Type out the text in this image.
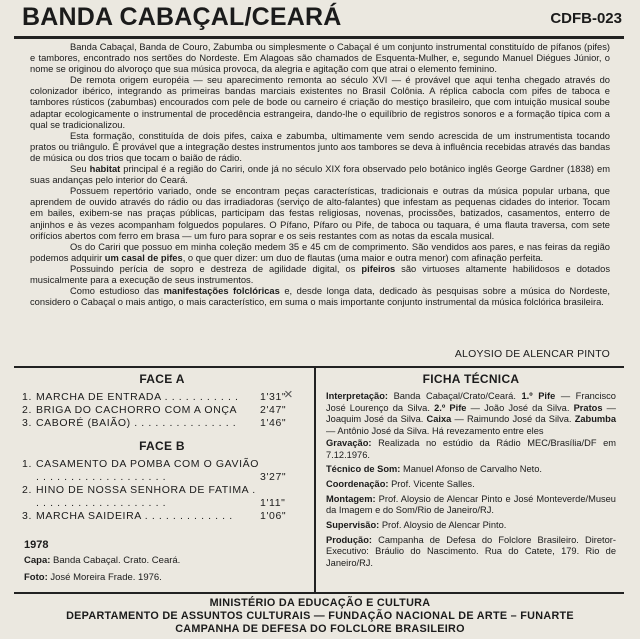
BANDA CABAÇAL/CEARÁ	CDFB-023

Banda Cabaçal, Banda de Couro, Zabumba ou simplesmente o Cabaçal é um conjunto instrumental constituído de pífanos (pifes) e tambores, encontrado nos sertões do Nordeste. Em Alagoas são chamados de Esquenta-Mulher, e, segundo Manuel Diégues Júnior, o nome se originou do alvoroço que sua música provoca, da alegria e agitação com que atrai o elemento feminino.

De remota origem européia — seu aparecimento remonta ao século XVI — é provável que aqui tenha chegado através do colonizador ibérico, integrando as primeiras bandas marciais existentes no Brasil Colônia. A réplica cabocla com pifes de taboca e tambores rústicos (zabumbas) encourados com pele de bode ou carneiro é criação do mestiço brasileiro, que com intuição musical soube adaptar ecologicamente o instrumental de procedência estrangeira, dando-lhe o equilíbrio de registros sonoros e a formação típica com a qual se tradicionalizou.

Esta formação, constituída de dois pifes, caixa e zabumba, ultimamente vem sendo acrescida de um instrumentista tocando pratos ou triângulo. É provável que a integração destes instrumentos junto aos tambores se deva à influência recebidas através das bandas de música ou dos trios que tocam o baião de rádio.

Seu habitat principal é a região do Cariri, onde já no século XIX fora observado pelo botânico inglês George Gardner (1838) em suas andanças pelo interior do Ceará.

Possuem repertório variado, onde se encontram peças características, tradicionais e outras da música popular urbana, que aprendem de ouvido através do rádio ou das irradiadoras (serviço de alto-falantes) que infestam as pequenas cidades do interior. Tocam em bailes, exibem-se nas praças públicas, participam das festas religiosas, novenas, procissões, batizados, casamentos, enterro de anjinhos e às vezes acompanham folguedos populares. O Pífano, Pífaro ou Pife, de taboca ou taquara, é uma flauta traversa, com sete orifícios abertos com ferro em brasa — um furo para soprar e os seis restantes com as notas da escala musical.

Os do Cariri que possuo em minha coleção medem 35 e 45 cm de comprimento. São vendidos aos pares, e nas feiras da região podemos adquirir um casal de pifes, o que quer dizer: um duo de flautas (uma maior e outra menor) com afinação perfeita.

Possuindo perícia de sopro e destreza de agilidade digital, os pifeiros são virtuoses altamente habilidosos e dotados musicalmente para a execução de seus instrumentos.

Como estudioso das manifestações folclóricas e, desde longa data, dedicado às pesquisas sobre a música do Nordeste, considero o Cabaçal o mais antigo, o mais característico, em suma o mais importante conjunto instrumental da música folclórica brasileira.

ALOYSIO DE ALENCAR PINTO
FACE A
1. MARCHA DE ENTRADA . . . . . . . . . . . 1'31"
×
2. BRIGA DO CACHORRO COM A ONÇA 2'47"
3. CABORÉ (BAIÃO) . . . . . . . . . . . . . . . 1'46"
FACE B
1. CASAMENTO DA POMBA COM O GAVIÃO . . . . . . . . . . . . . . . . . . .	3'27"
2. HINO DE NOSSA SENHORA DE FATIMA . . . . . . . . . . . . . . . . . . . .	1'11"
3. MARCHA SAIDEIRA . . . . . . . . . . . . .	1'06"
1978
Capa: Banda Cabaçal. Crato. Ceará.
Foto: José Moreira Frade. 1976.
FICHA TÉCNICA
Interpretação: Banda Cabaçal/Crato/Ceará. 1.º Pife — Francisco José Lourenço da Silva. 2.º Pife — João José da Silva. Pratos — Joaquim José da Silva. Caixa — Raimundo José da Silva. Zabumba — Antônio José da Silva. Há revezamento entre eles
Gravação: Realizada no estúdio da Rádio MEC/Brasília/DF em 7.12.1976.
Técnico de Som: Manuel Afonso de Carvalho Neto.
Coordenação: Prof. Vicente Salles.
Montagem: Prof. Aloysio de Alencar Pinto e José Monteverde/Museu da Imagem e do Som/Rio de Janeiro/RJ.
Supervisão: Prof. Aloysio de Alencar Pinto.
Produção: Campanha de Defesa do Folclore Brasileiro. Diretor-Executivo: Bráulio do Nascimento. Rua do Catete, 179. Rio de Janeiro/RJ.
MINISTÉRIO DA EDUCAÇÃO E CULTURA
DEPARTAMENTO DE ASSUNTOS CULTURAIS — FUNDAÇÃO NACIONAL DE ARTE – FUNARTE
CAMPANHA DE DEFESA DO FOLCLORE BRASILEIRO
